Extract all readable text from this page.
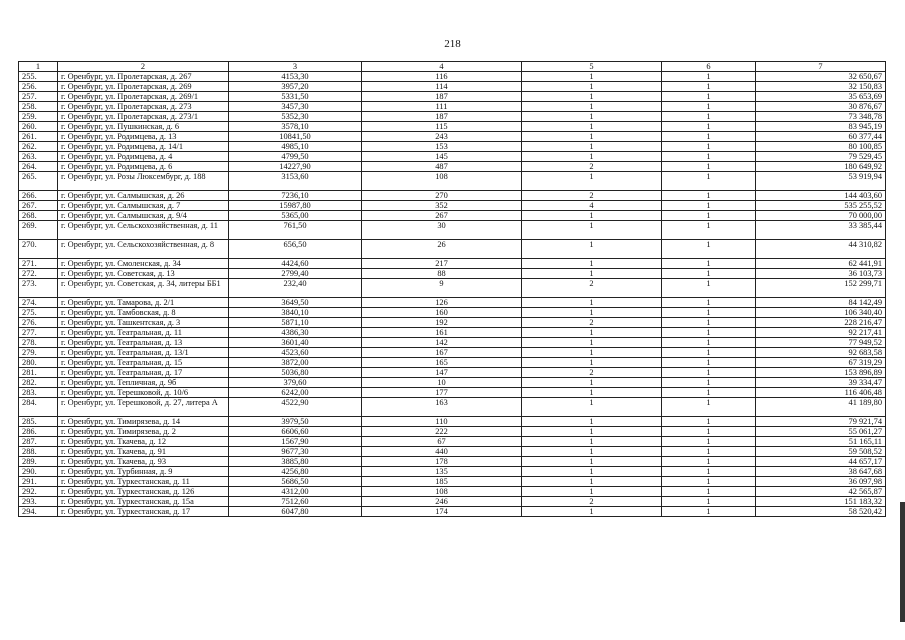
218
1	2	3	4	5	6	7
255.	г. Оренбург, ул. Пролетарская, д. 267	4153,30	116	1	1	32 650,67
256.	г. Оренбург, ул. Пролетарская, д. 269	3957,20	114	1	1	32 150,83
257.	г. Оренбург, ул. Пролетарская, д. 269/1	5331,50	187	1	1	35 653,69
258.	г. Оренбург, ул. Пролетарская, д. 273	3457,30	111	1	1	30 876,67
259.	г. Оренбург, ул. Пролетарская, д. 273/1	5352,30	187	1	1	73 348,78
260.	г. Оренбург, ул. Пушкинская, д. 6	3578,10	115	1	1	83 945,19
261.	г. Оренбург, ул. Родимцева, д. 13	10841,50	243	1	1	60 377,44
262.	г. Оренбург, ул. Родимцева, д. 14/1	4985,10	153	1	1	80 100,85
263.	г. Оренбург, ул. Родимцева, д. 4	4799,50	145	1	1	79 529,45
264.	г. Оренбург, ул. Родимцева, д. 6	14227,90	487	2	1	180 649,92
265.	г. Оренбург, ул. Розы Люксембург, д. 188	3153,60	108	1	1	53 919,94
266.	г. Оренбург, ул. Салмышская, д. 26	7236,10	270	2	1	144 403,60
267.	г. Оренбург, ул. Салмышская, д. 7	15987,80	352	4	1	535 255,52
268.	г. Оренбург, ул. Салмышская, д. 9/4	5365,00	267	1	1	70 000,00
269.	г. Оренбург, ул. Сельскохозяйственная, д. 11	761,50	30	1	1	33 385,44
270.	г. Оренбург, ул. Сельскохозяйственная, д. 8	656,50	26	1	1	44 310,82
271.	г. Оренбург, ул. Смоленская, д. 34	4424,60	217	1	1	62 441,91
272.	г. Оренбург, ул. Советская, д. 13	2799,40	88	1	1	36 103,73
273.	г. Оренбург, ул. Советская, д. 34, литеры ББ1	232,40	9	2	1	152 299,71
274.	г. Оренбург, ул. Тамарова, д. 2/1	3649,50	126	1	1	84 142,49
275.	г. Оренбург, ул. Тамбовская, д. 8	3840,10	160	1	1	106 340,40
276.	г. Оренбург, ул. Ташкентская, д. 3	5871,10	192	2	1	228 216,47
277.	г. Оренбург, ул. Театральная, д. 11	4386,30	161	1	1	92 217,41
278.	г. Оренбург, ул. Театральная, д. 13	3601,40	142	1	1	77 949,52
279.	г. Оренбург, ул. Театральная, д. 13/1	4523,60	167	1	1	92 683,58
280.	г. Оренбург, ул. Театральная, д. 15	3872,00	165	1	1	67 319,29
281.	г. Оренбург, ул. Театральная, д. 17	5036,80	147	2	1	153 896,89
282.	г. Оренбург, ул. Тепличная, д. 9б	379,60	10	1	1	39 334,47
283.	г. Оренбург, ул. Терешковой, д. 10/6	6242,00	177	1	1	116 406,48
284.	г. Оренбург, ул. Терешковой, д. 27, литера А	4522,90	163	1	1	41 189,80
285.	г. Оренбург, ул. Тимирязева, д. 14	3979,50	110	1	1	79 921,74
286.	г. Оренбург, ул. Тимирязева, д. 2	6606,60	222	1	1	55 061,27
287.	г. Оренбург, ул. Ткачева, д. 12	1567,90	67	1	1	51 165,11
288.	г. Оренбург, ул. Ткачева, д. 91	9677,30	440	1	1	59 508,52
289.	г. Оренбург, ул. Ткачева, д. 93	3885,80	178	1	1	44 657,17
290.	г. Оренбург, ул. Турбинная, д. 9	4256,80	135	1	1	38 647,68
291.	г. Оренбург, ул. Туркестанская, д. 11	5686,50	185	1	1	36 097,98
292.	г. Оренбург, ул. Туркестанская, д. 126	4312,00	108	1	1	42 565,87
293.	г. Оренбург, ул. Туркестанская, д. 15а	7512,60	246	2	1	151 183,32
294.	г. Оренбург, ул. Туркестанская, д. 17	6047,80	174	1	1	58 520,42
